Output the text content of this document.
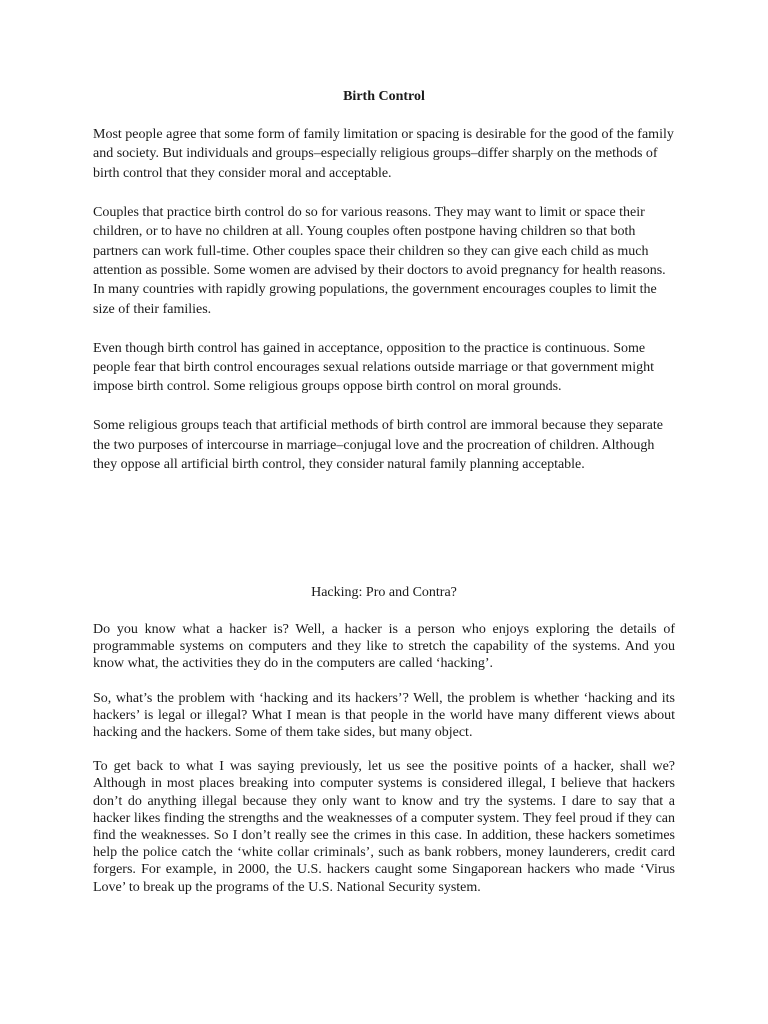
Birth Control

Most people agree that some form of family limitation or spacing is desirable for the good of the family and society. But individuals and groups–especially religious groups–differ sharply on the methods of birth control that they consider moral and acceptable.

Couples that practice birth control do so for various reasons. They may want to limit or space their children, or to have no children at all. Young couples often postpone having children so that both partners can work full-time. Other couples space their children so they can give each child as much attention as possible. Some women are advised by their doctors to avoid pregnancy for health reasons. In many countries with rapidly growing populations, the government encourages couples to limit the size of their families.

Even though birth control has gained in acceptance, opposition to the practice is continuous. Some people fear that birth control encourages sexual relations outside marriage or that government might impose birth control. Some religious groups oppose birth control on moral grounds.

Some religious groups teach that artificial methods of birth control are immoral because they separate the two purposes of intercourse in marriage–conjugal love and the procreation of children. Although they oppose all artificial birth control, they consider natural family planning acceptable.

Hacking: Pro and Contra?

Do you know what a hacker is? Well, a hacker is a person who enjoys exploring the details of programmable systems on computers and they like to stretch the capability of the systems. And you know what, the activities they do in the computers are called ‘hacking’.

So, what’s the problem with ‘hacking and its hackers’? Well, the problem is whether ‘hacking and its hackers’ is legal or illegal? What I mean is that people in the world have many different views about hacking and the hackers. Some of them take sides, but many object.

To get back to what I was saying previously, let us see the positive points of a hacker, shall we? Although in most places breaking into computer systems is considered illegal, I believe that hackers don’t do anything illegal because they only want to know and try the systems. I dare to say that a hacker likes finding the strengths and the weaknesses of a computer system. They feel proud if they can find the weaknesses. So I don’t really see the crimes in this case. In addition, these hackers sometimes help the police catch the ‘white collar criminals’, such as bank robbers, money launderers, credit card forgers. For example, in 2000, the U.S. hackers caught some Singaporean hackers who made ‘Virus Love’ to break up the programs of the U.S. National Security system.
